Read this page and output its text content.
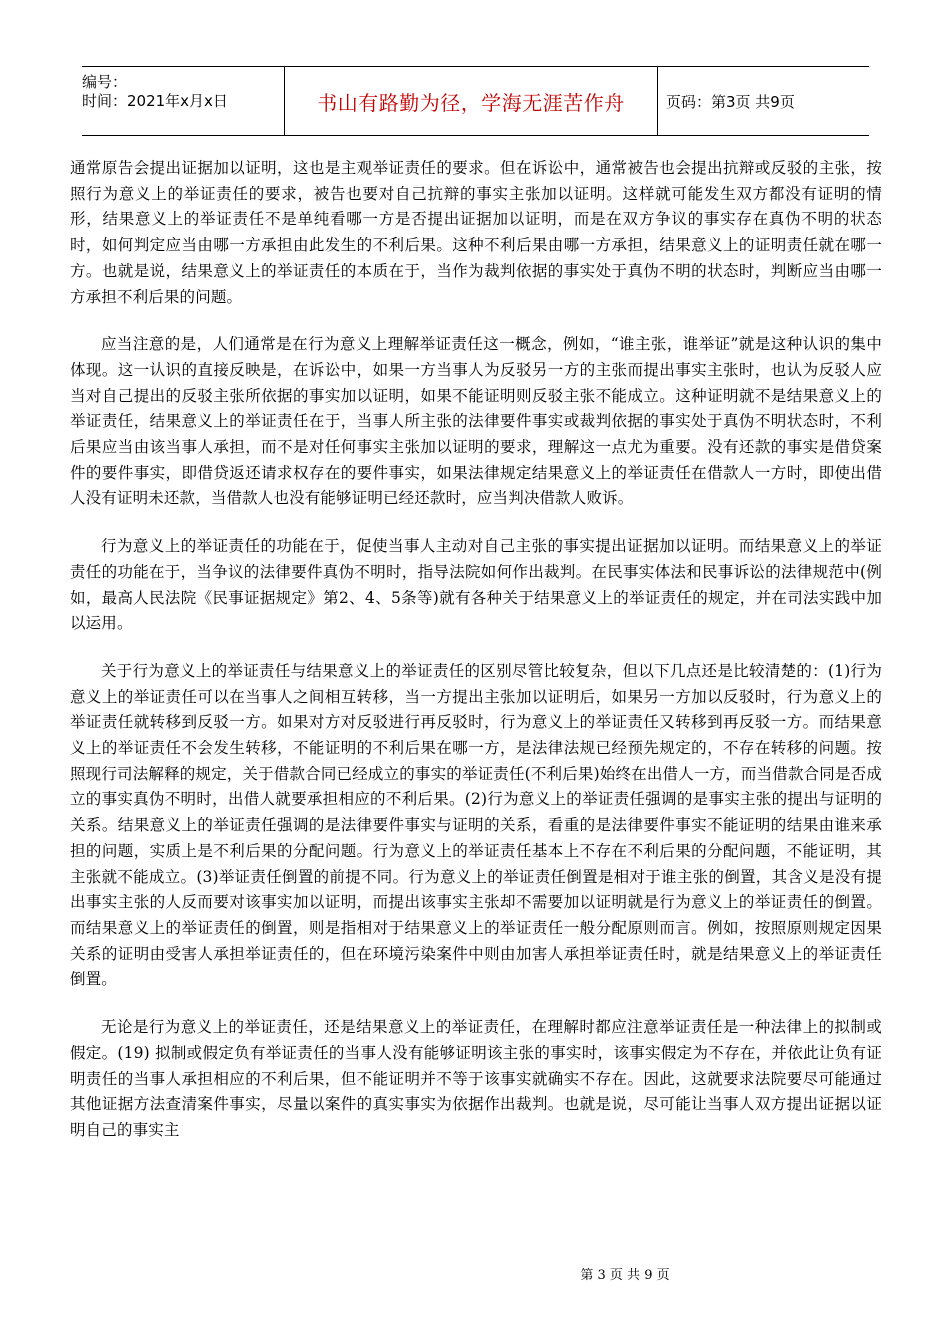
编号：
时间：2021年x月x日	书山有路勤为径，学海无涯苦作舟	页码：第3页 共9页

通常原告会提出证据加以证明，这也是主观举证责任的要求。但在诉讼中，通常被告也会提出抗辩或反驳的主张，按照行为意义上的举证责任的要求，被告也要对自己抗辩的事实主张加以证明。这样就可能发生双方都没有证明的情形，结果意义上的举证责任不是单纯看哪一方是否提出证据加以证明，而是在双方争议的事实存在真伪不明的状态时，如何判定应当由哪一方承担由此发生的不利后果。这种不利后果由哪一方承担，结果意义上的证明责任就在哪一方。也就是说，结果意义上的举证责任的本质在于，当作为裁判依据的事实处于真伪不明的状态时，判断应当由哪一方承担不利后果的问题。

应当注意的是，人们通常是在行为意义上理解举证责任这一概念，例如，“谁主张，谁举证”就是这种认识的集中体现。这一认识的直接反映是，在诉讼中，如果一方当事人为反驳另一方的主张而提出事实主张时，也认为反驳人应当对自己提出的反驳主张所依据的事实加以证明，如果不能证明则反驳主张不能成立。这种证明就不是结果意义上的举证责任，结果意义上的举证责任在于，当事人所主张的法律要件事实或裁判依据的事实处于真伪不明状态时，不利后果应当由该当事人承担，而不是对任何事实主张加以证明的要求，理解这一点尤为重要。没有还款的事实是借贷案件的要件事实，即借贷返还请求权存在的要件事实，如果法律规定结果意义上的举证责任在借款人一方时，即使出借人没有证明未还款，当借款人也没有能够证明已经还款时，应当判决借款人败诉。

行为意义上的举证责任的功能在于，促使当事人主动对自己主张的事实提出证据加以证明。而结果意义上的举证责任的功能在于，当争议的法律要件真伪不明时，指导法院如何作出裁判。在民事实体法和民事诉讼的法律规范中(例如，最高人民法院《民事证据规定》第2、4、5条等)就有各种关于结果意义上的举证责任的规定，并在司法实践中加以运用。

关于行为意义上的举证责任与结果意义上的举证责任的区别尽管比较复杂，但以下几点还是比较清楚的：(1)行为意义上的举证责任可以在当事人之间相互转移，当一方提出主张加以证明后，如果另一方加以反驳时，行为意义上的举证责任就转移到反驳一方。如果对方对反驳进行再反驳时，行为意义上的举证责任又转移到再反驳一方。而结果意义上的举证责任不会发生转移，不能证明的不利后果在哪一方，是法律法规已经预先规定的，不存在转移的问题。按照现行司法解释的规定，关于借款合同已经成立的事实的举证责任(不利后果)始终在出借人一方，而当借款合同是否成立的事实真伪不明时，出借人就要承担相应的不利后果。(2)行为意义上的举证责任强调的是事实主张的提出与证明的关系。结果意义上的举证责任强调的是法律要件事实与证明的关系，看重的是法律要件事实不能证明的结果由谁来承担的问题，实质上是不利后果的分配问题。行为意义上的举证责任基本上不存在不利后果的分配问题，不能证明，其主张就不能成立。(3)举证责任倒置的前提不同。行为意义上的举证责任倒置是相对于谁主张的倒置，其含义是没有提出事实主张的人反而要对该事实加以证明，而提出该事实主张却不需要加以证明就是行为意义上的举证责任的倒置。而结果意义上的举证责任的倒置，则是指相对于结果意义上的举证责任一般分配原则而言。例如，按照原则规定因果关系的证明由受害人承担举证责任的，但在环境污染案件中则由加害人承担举证责任时，就是结果意义上的举证责任倒置。

无论是行为意义上的举证责任，还是结果意义上的举证责任，在理解时都应注意举证责任是一种法律上的拟制或假定。(19) 拟制或假定负有举证责任的当事人没有能够证明该主张的事实时，该事实假定为不存在，并依此让负有证明责任的当事人承担相应的不利后果，但不能证明并不等于该事实就确实不存在。因此，这就要求法院要尽可能通过其他证据方法查清案件事实，尽量以案件的真实事实为依据作出裁判。也就是说，尽可能让当事人双方提出证据以证明自己的事实主

第 3 页 共 9 页
